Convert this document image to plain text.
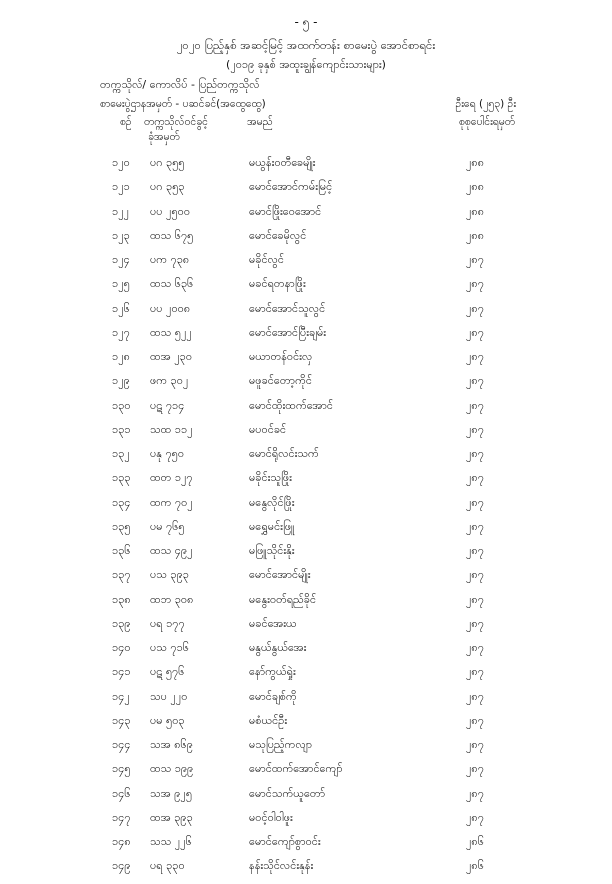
- ၅ -
၂၀၂၀ ပြည့်နှစ် အဆင့်မြင့် အထက်တန်း စာမေးပွဲ အောင်စာရင်း
(၂၀၁၉ ခုနှစ် အထူးချွန်ကျောင်းသားများ)
တက္ကသိုလ်/ ကောလိပ် - ပြည်တက္ကသိုလ်
စာမေးပွဲဌာနအမှတ် - ပဆင်ခင်(အထွေထွေ)	ဦးရေ (၂၅၃) ဦး
စဉ် တက္ကသိုလ်ဝင်ခွင့်
ခုံအမှတ်
အမည်	စုစုပေါင်းရမှတ်
၁၂၀	ပဂ ၃၅၅	မယွန်းဝတီခေမျိုး	၂၈၈
၁၂၁	ပဂ ၃၅၃	မောင်အောင်ကမ်းမြင့်	၂၈၈
၁၂၂	ပပ ၂၅၀၀	မောင်ဖြိုးဝေအောင်	၂၈၈
၁၂၃	ထသ ၆၇၅	မောင်ခေမိုလွင်	၂၈၈
၁၂၄	ပက ၇၃၈	မခိုင်လွင်	၂၈၇
၁၂၅	ထသ ၆၃၆	မခင်ရတနာဖြိုး	၂၈၇
၁၂၆	ပပ ၂၀၀၈	မောင်အောင်သူလွင်	၂၈၇
၁၂၇	ထသ ၅၂၂	မောင်အောင်ပြီးချမ်း	၂၈၇
၁၂၈	ထအ ၂၃၀	မယာတန်ဝင်းလှ	၂၈၇
၁၂၉	ဖက ၃၀၂	မဖူခင်တော့ကိုင်	၂၈၇
၁၃၀	ပဋ ၇၁၄	မောင်ထိုးထက်အောင်	၂၈၇
၁၃၁	သထ ၁၁၂	မပဝင်ခင်	၂၈၇
၁၃၂	ပနု ၇၅၀	မောင်ရိုလင်းသက်	၂၈၇
၁၃၃	ထတ ၁၂၇	မခိုင်းသူဖြိုး	၂၈၇
၁၃၄	ထက ၇၀၂	မနွေလိုင်ဖြိုး	၂၈၇
၁၃၅	ပမ ၇၆၅	မရွှေမင်းဖြူ	၂၈၇
၁၃၆	ထသ ၄၉၂	မဖြူသိုင်းနိုး	၂၈၇
၁၃၇	ပသ ၃၉၃	မောင်အောင်မျိုး	၂၈၇
၁၃၈	ထဘ ၃၀၈	မနွေးဝတ်ရည်ခိုင်	၂၈၇
၁၃၉	ပရ ၁၇၇	မခင်အေးယ	၂၈၇
၁၄၀	ပသ ၇၁၆	မနွယ်နွယ်အေး	၂၈၇
၁၄၁	ပဋ ၅၇၆	နော်ကွယ်ရှုဲး	၂၈၇
၁၄၂	သပ ၂၂၀	မောင်ချစ်ကို	၂၈၇
၁၄၃	ပမ ၅၀၃	မစံယင်ဦး	၂၈၇
၁၄၄	သအ ၈၆၉	မသုပြည့်ကလျာ	၂၈၇
၁၄၅	ထသ ၁၉၉	မောင်ထက်အောင်ကျော်	၂၈၇
၁၄၆	သအ ၉၂၅	မောင်သက်ယူတော်	၂၈၇
၁၄၇	ထအ ၃၉၃	မဝင့်ဝါဝါဖူး	၂၈၇
၁၄၈	သသ ၂၂၆	မောင်ကျော်စွာဝင်း	၂၈၆
၁၄၉	ပရ ၃၃၀	နန်းသိုင်လင်းနုန်း	၂၈၆
